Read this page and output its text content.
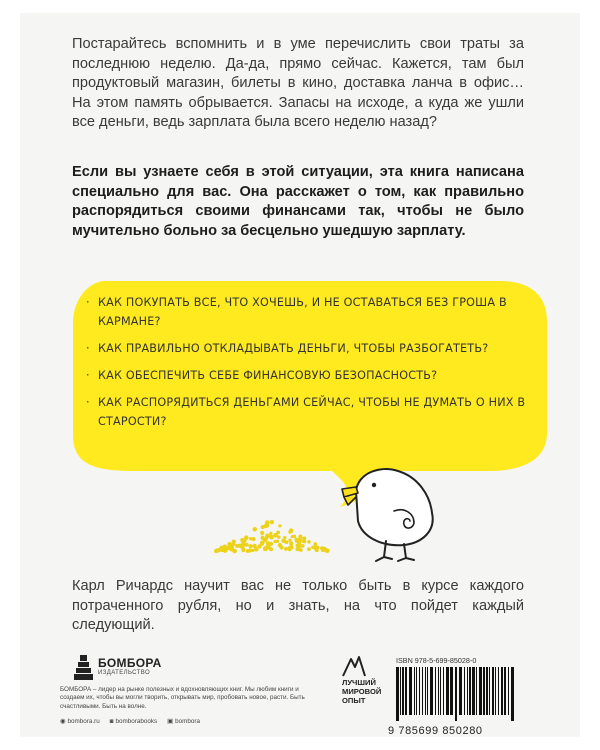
Постарайтесь вспомнить и в уме перечислить свои траты за последнюю неделю. Да-да, прямо сейчас. Кажется, там был продуктовый магазин, билеты в кино, доставка ланча в офис… На этом память обрывается. Запасы на исходе, а куда же ушли все деньги, ведь зарплата была всего неделю назад?

Если вы узнаете себя в этой ситуации, эта книга написана специально для вас. Она расскажет о том, как правильно распорядиться своими финансами так, чтобы не было мучительно больно за бесцельно ушедшую зарплату.

· КАК ПОКУПАТЬ ВСЕ, ЧТО ХОЧЕШЬ, И НЕ ОСТАВАТЬСЯ БЕЗ ГРОША В КАРМАНЕ?
· КАК ПРАВИЛЬНО ОТКЛАДЫВАТЬ ДЕНЬГИ, ЧТОБЫ РАЗБОГАТЕТЬ?
· КАК ОБЕСПЕЧИТЬ СЕБЕ ФИНАНСОВУЮ БЕЗОПАСНОСТЬ?
· КАК РАСПОРЯДИТЬСЯ ДЕНЬГАМИ СЕЙЧАС, ЧТОБЫ НЕ ДУМАТЬ О НИХ В СТАРОСТИ?

Карл Ричардс научит вас не только быть в курсе каждого потраченного рубля, но и знать, на что пойдет каждый следующий.

БОМБОРА
ИЗДАТЕЛЬСТВО
БОМБОРА – лидер на рынке полезных и вдохновляющих книг. Мы любим книги и создаем их, чтобы вы могли творить, открывать мир, пробовать новое, расти. Быть счастливыми. Быть на волне.
◉ bombora.ru ◙ bomborabooks ▣ bombora
ЛУЧШИЙ
МИРОВОЙ
ОПЫТ
ISBN 978-5-699-85028-0
9 785699 850280
